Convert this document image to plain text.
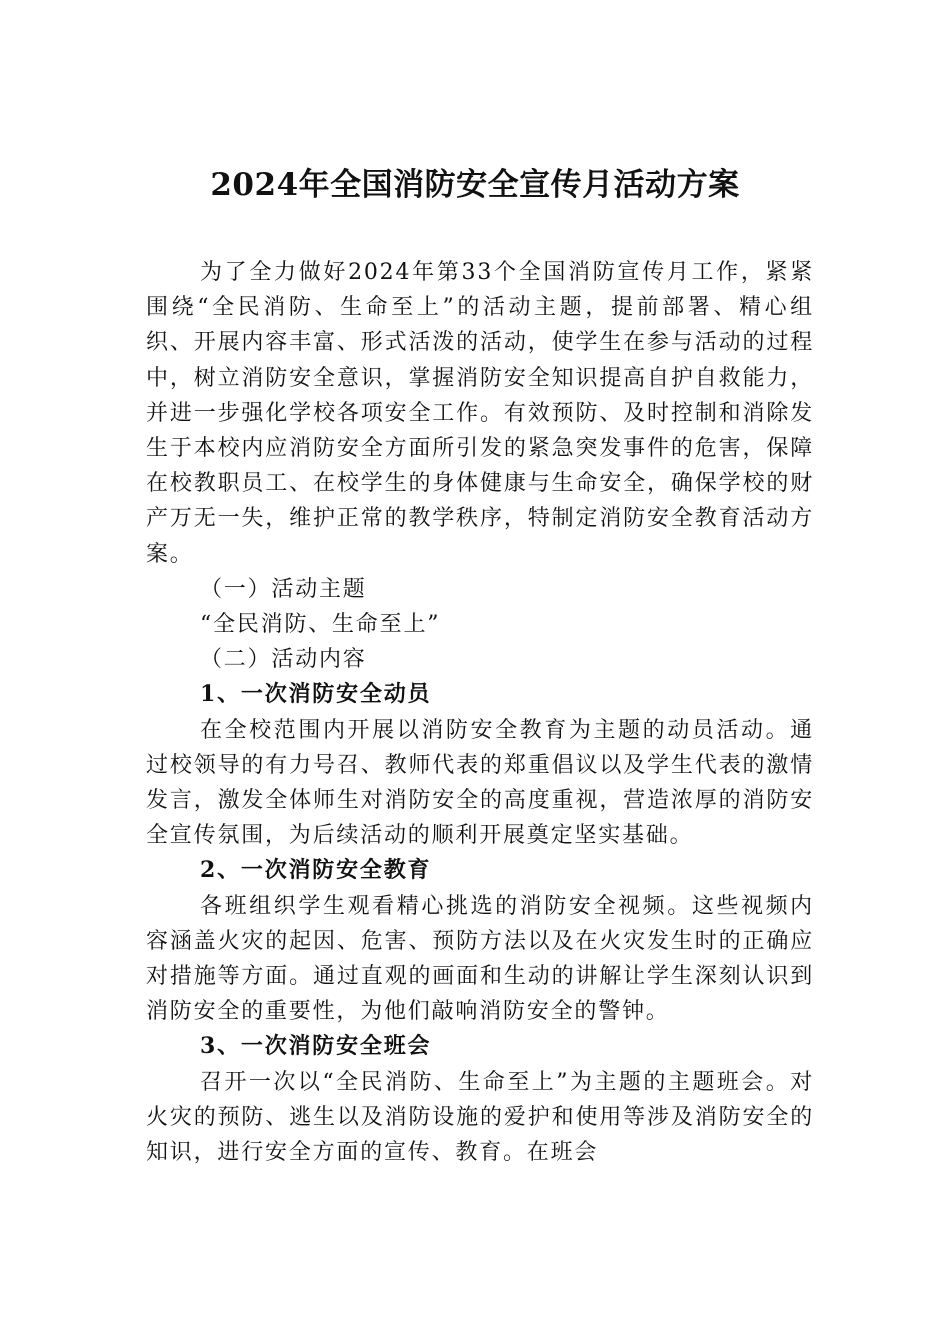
2024年全国消防安全宣传月活动方案

为了全力做好2024年第33个全国消防宣传月工作，紧紧围绕“全民消防、生命至上”的活动主题，提前部署、精心组织、开展内容丰富、形式活泼的活动，使学生在参与活动的过程中，树立消防安全意识，掌握消防安全知识提高自护自救能力，并进一步强化学校各项安全工作。有效预防、及时控制和消除发生于本校内应消防安全方面所引发的紧急突发事件的危害，保障在校教职员工、在校学生的身体健康与生命安全，确保学校的财产万无一失，维护正常的教学秩序，特制定消防安全教育活动方案。

（一）活动主题

“全民消防、生命至上”

（二）活动内容

1、一次消防安全动员

在全校范围内开展以消防安全教育为主题的动员活动。通过校领导的有力号召、教师代表的郑重倡议以及学生代表的激情发言，激发全体师生对消防安全的高度重视，营造浓厚的消防安全宣传氛围，为后续活动的顺利开展奠定坚实基础。

2、一次消防安全教育

各班组织学生观看精心挑选的消防安全视频。这些视频内容涵盖火灾的起因、危害、预防方法以及在火灾发生时的正确应对措施等方面。通过直观的画面和生动的讲解让学生深刻认识到消防安全的重要性，为他们敲响消防安全的警钟。

3、一次消防安全班会

召开一次以“全民消防、生命至上”为主题的主题班会。对火灾的预防、逃生以及消防设施的爱护和使用等涉及消防安全的知识，进行安全方面的宣传、教育。在班会
